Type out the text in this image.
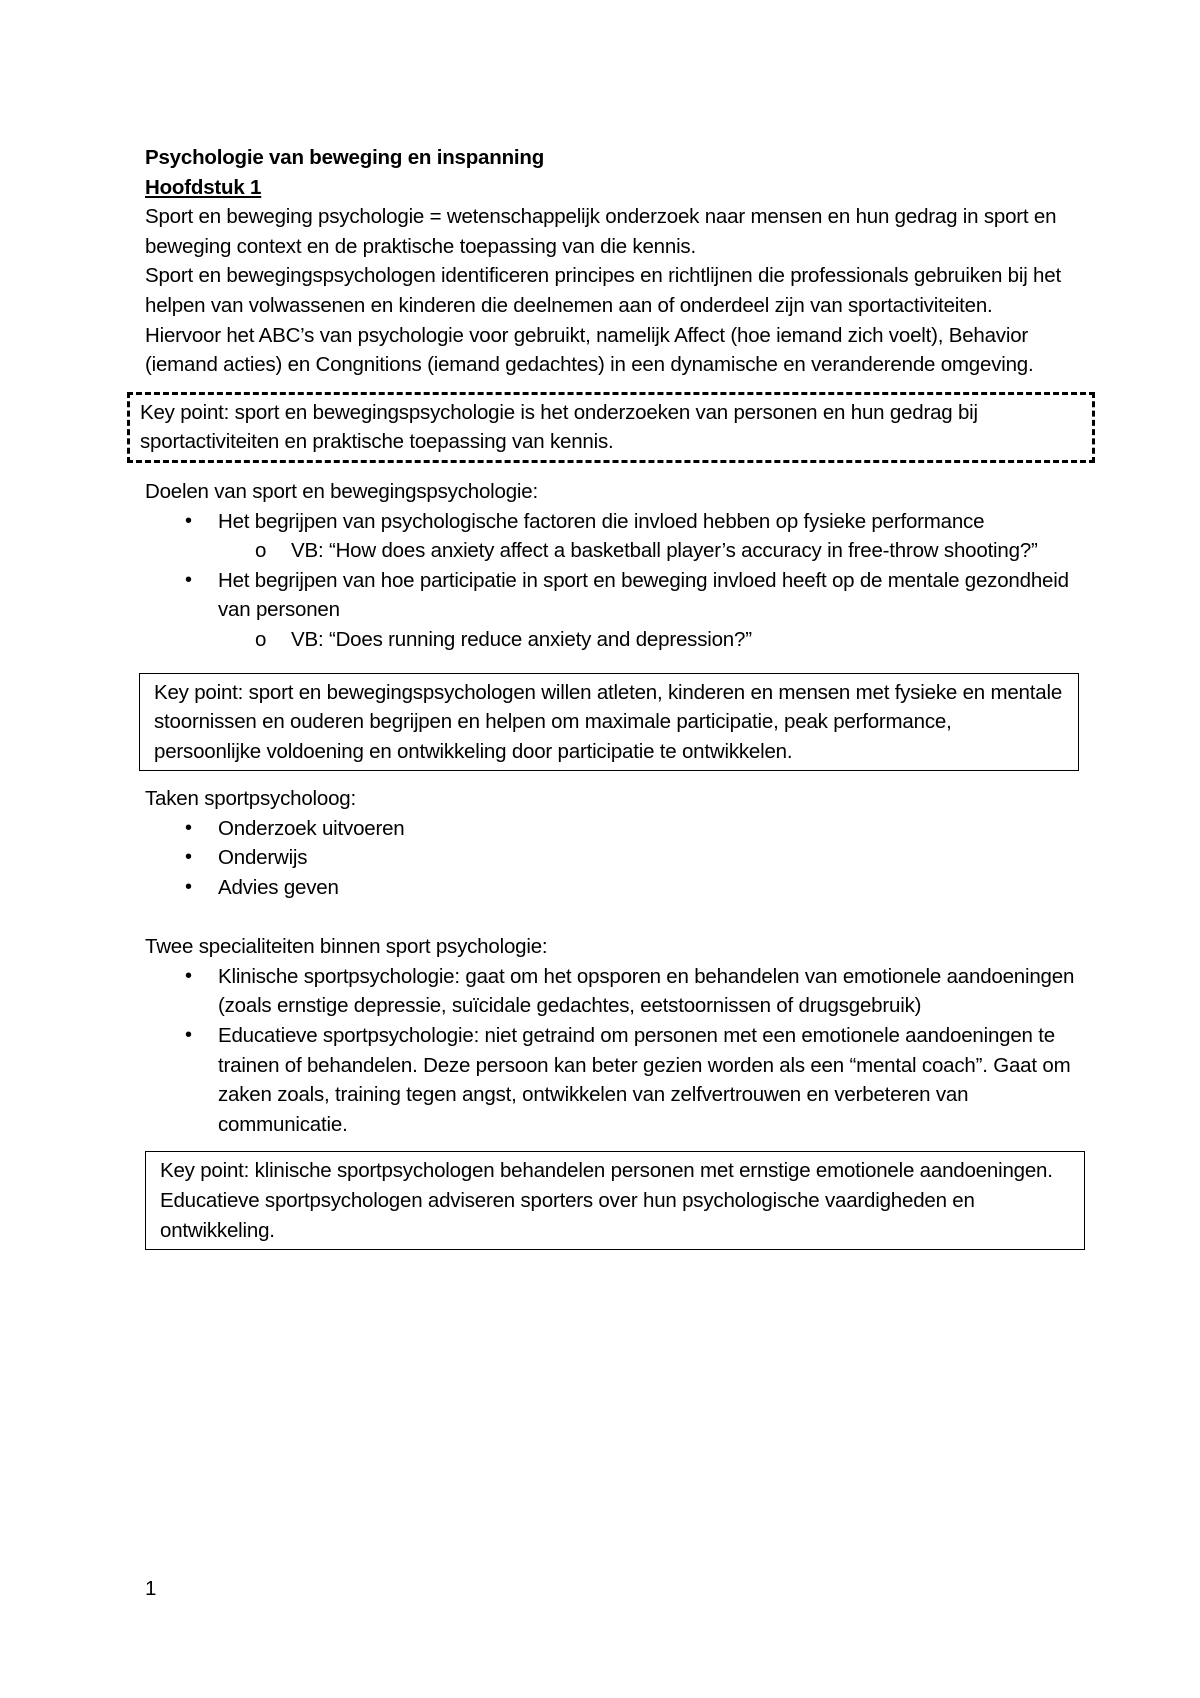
Psychologie van beweging en inspanning

Hoofdstuk 1

Sport en beweging psychologie = wetenschappelijk onderzoek naar mensen en hun gedrag in sport en beweging context en de praktische toepassing van die kennis.

Sport en bewegingspsychologen identificeren principes en richtlijnen die professionals gebruiken bij het helpen van volwassenen en kinderen die deelnemen aan of onderdeel zijn van sportactiviteiten.

Hiervoor het ABC’s van psychologie voor gebruikt, namelijk Affect (hoe iemand zich voelt), Behavior (iemand acties) en Congnitions (iemand gedachtes) in een dynamische en veranderende omgeving.

Key point: sport en bewegingspsychologie is het onderzoeken van personen en hun gedrag bij sportactiviteiten en praktische toepassing van kennis.

Doelen van sport en bewegingspsychologie:

• Het begrijpen van psychologische factoren die invloed hebben op fysieke performance
o VB: “How does anxiety affect a basketball player’s accuracy in free-throw shooting?”
• Het begrijpen van hoe participatie in sport en beweging invloed heeft op de mentale gezondheid van personen
o VB: “Does running reduce anxiety and depression?”

Key point: sport en bewegingspsychologen willen atleten, kinderen en mensen met fysieke en mentale stoornissen en ouderen begrijpen en helpen om maximale participatie, peak performance, persoonlijke voldoening en ontwikkeling door participatie te ontwikkelen.

Taken sportpsycholoog:

• Onderzoek uitvoeren
• Onderwijs
• Advies geven

Twee specialiteiten binnen sport psychologie:

• Klinische sportpsychologie: gaat om het opsporen en behandelen van emotionele aandoeningen (zoals ernstige depressie, suïcidale gedachtes, eetstoornissen of drugsgebruik)
• Educatieve sportpsychologie: niet getraind om personen met een emotionele aandoeningen te trainen of behandelen. Deze persoon kan beter gezien worden als een “mental coach”. Gaat om zaken zoals, training tegen angst, ontwikkelen van zelfvertrouwen en verbeteren van communicatie.

Key point: klinische sportpsychologen behandelen personen met ernstige emotionele aandoeningen. Educatieve sportpsychologen adviseren sporters over hun psychologische vaardigheden en ontwikkeling.

1
